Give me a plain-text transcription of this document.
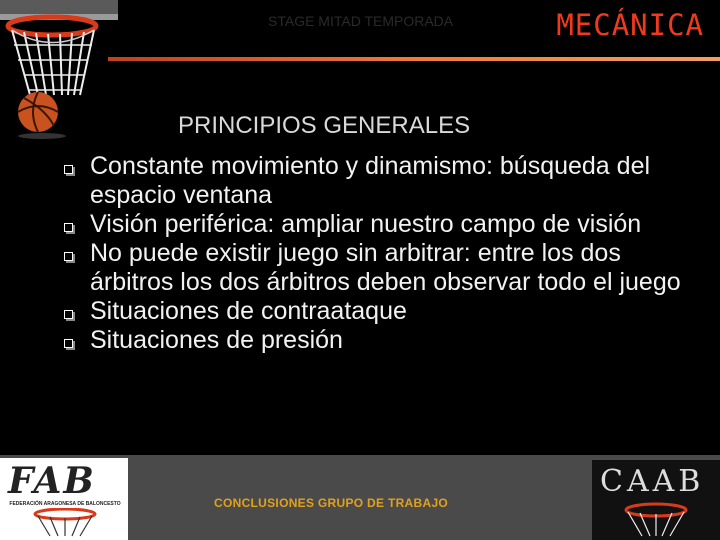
STAGE MITAD TEMPORADA	MECÁNICA
PRINCIPIOS GENERALES
Constante movimiento y dinamismo: búsqueda del espacio ventana
Visión periférica: ampliar nuestro campo de visión
No puede existir juego sin arbitrar: entre los dos árbitros los dos árbitros deben observar todo el juego
Situaciones de contraataque
Situaciones de presión
FAB
FEDERACIÓN ARAGONESA DE BALONCESTO
CAAB
CONCLUSIONES GRUPO DE TRABAJO
